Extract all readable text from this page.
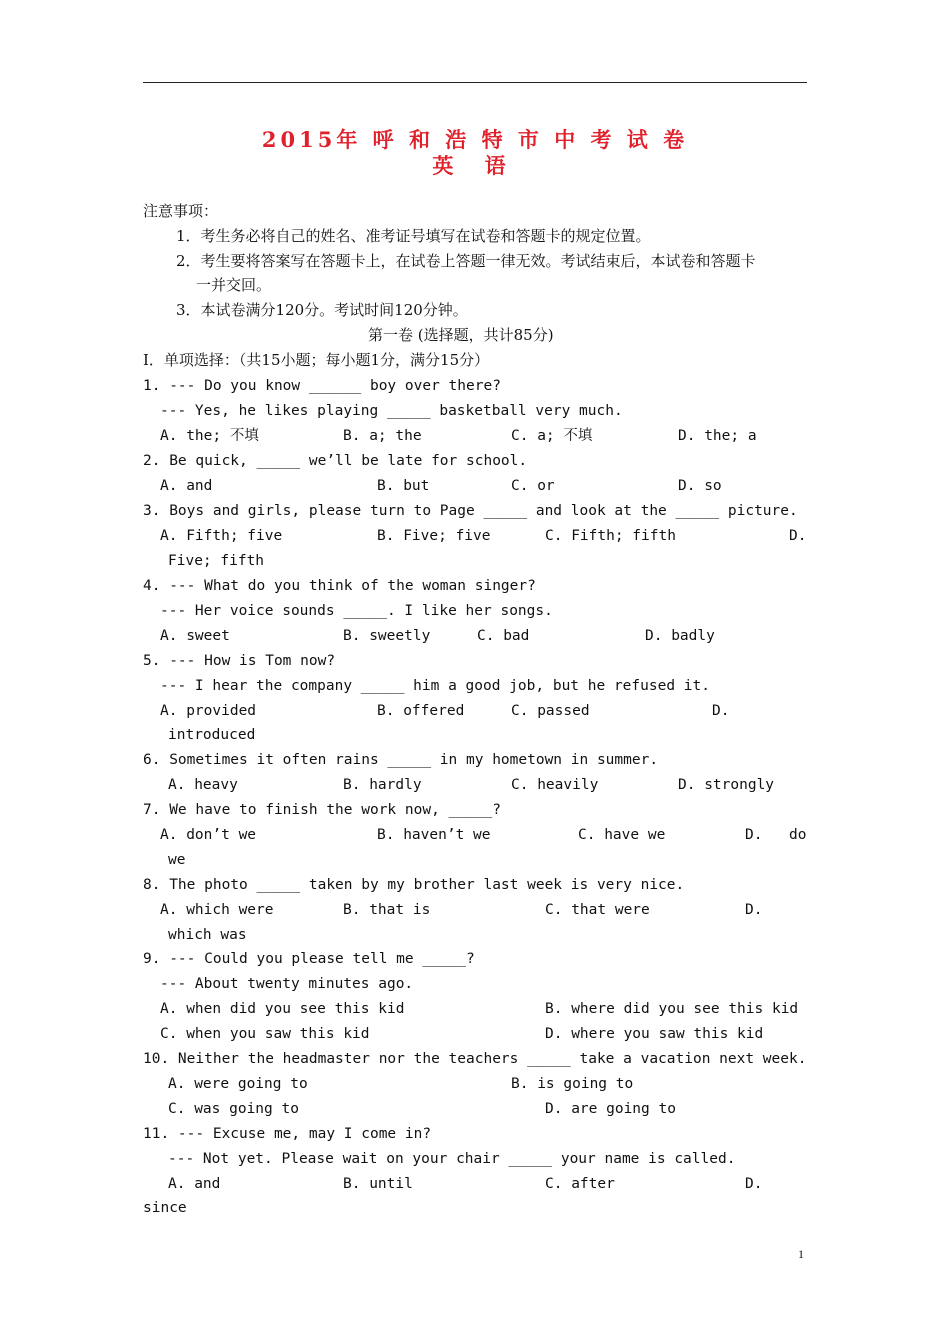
2015年 呼 和 浩 特 市 中 考 试 卷
英 语
注意事项：
1．考生务必将自己的姓名、准考证号填写在试卷和答题卡的规定位置。
2．考生要将答案写在答题卡上，在试卷上答题一律无效。考试结束后，本试卷和答题卡
一并交回。
3．本试卷满分120分。考试时间120分钟。
第一卷 (选择题，共计85分)
I．单项选择：（共15小题；每小题1分，满分15分）
1. --- Do you know ______ boy over there?
--- Yes, he likes playing _____ basketball very much.
A. the; 不填	B. a; the	C. a; 不填	D. the; a
2. Be quick, _____ we’ll be late for school.
A. and	B. but	C. or	D. so
3. Boys and girls, please turn to Page _____ and look at the _____ picture.
A. Fifth; five	B. Five; five	C. Fifth; fifth	D.
Five; fifth
4. --- What do you think of the woman singer?
--- Her voice sounds _____. I like her songs.
A. sweet	B. sweetly	C. bad	D. badly
5. --- How is Tom now?
--- I hear the company _____ him a good job, but he refused it.
A. provided	B. offered	C. passed	D.
introduced
6. Sometimes it often rains _____ in my hometown in summer.
A. heavy	B. hardly	C. heavily	D. strongly
7. We have to finish the work now, _____?
A. don’t we	B. haven’t we	C. have we	D. do
we
8. The photo _____ taken by my brother last week is very nice.
A. which were	B. that is	C. that were	D.
which was
9. --- Could you please tell me _____?
--- About twenty minutes ago.
A. when did you see this kid	B. where did you see this kid
C. when you saw this kid	D. where you saw this kid
10. Neither the headmaster nor the teachers _____ take a vacation next week.
A. were going to	B. is going to
C. was going to	D. are going to
11. --- Excuse me, may I come in?
--- Not yet. Please wait on your chair _____ your name is called.
A. and	B. until	C. after	D.
since
1
